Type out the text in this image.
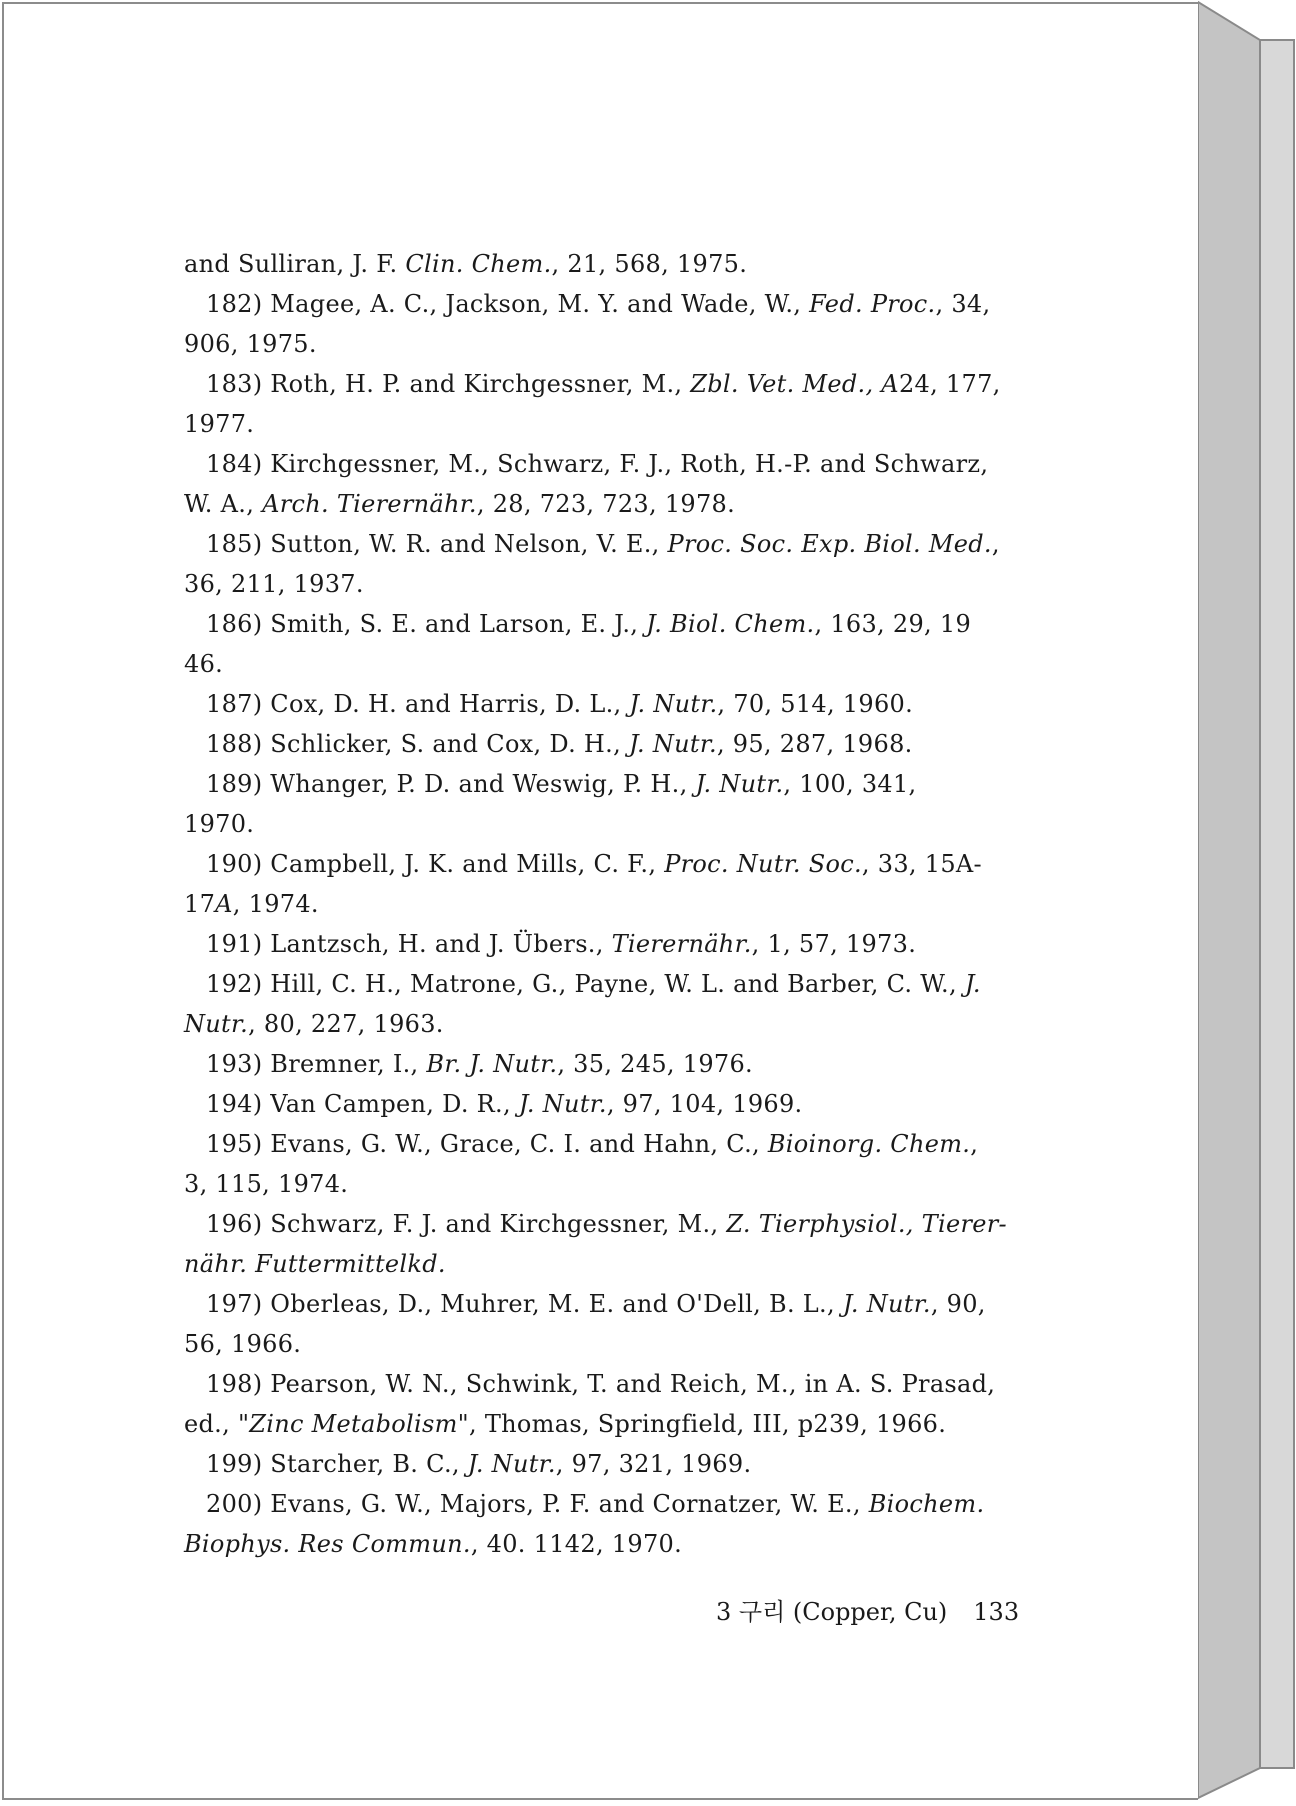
and Sulliran, J. F. Clin. Chem., 21, 568, 1975.
182) Magee, A. C., Jackson, M. Y. and Wade, W., Fed. Proc., 34,
906, 1975.
183) Roth, H. P. and Kirchgessner, M., Zbl. Vet. Med., A24, 177,
1977.
184) Kirchgessner, M., Schwarz, F. J., Roth, H.-P. and Schwarz,
W. A., Arch. Tierernähr., 28, 723, 723, 1978.
185) Sutton, W. R. and Nelson, V. E., Proc. Soc. Exp. Biol. Med.,
36, 211, 1937.
186) Smith, S. E. and Larson, E. J., J. Biol. Chem., 163, 29, 19
46.
187) Cox, D. H. and Harris, D. L., J. Nutr., 70, 514, 1960.
188) Schlicker, S. and Cox, D. H., J. Nutr., 95, 287, 1968.
189) Whanger, P. D. and Weswig, P. H., J. Nutr., 100, 341,
1970.
190) Campbell, J. K. and Mills, C. F., Proc. Nutr. Soc., 33, 15A-
17A, 1974.
191) Lantzsch, H. and J. Übers., Tierernähr., 1, 57, 1973.
192) Hill, C. H., Matrone, G., Payne, W. L. and Barber, C. W., J.
Nutr., 80, 227, 1963.
193) Bremner, I., Br. J. Nutr., 35, 245, 1976.
194) Van Campen, D. R., J. Nutr., 97, 104, 1969.
195) Evans, G. W., Grace, C. I. and Hahn, C., Bioinorg. Chem.,
3, 115, 1974.
196) Schwarz, F. J. and Kirchgessner, M., Z. Tierphysiol., Tierer-
nähr. Futtermittelkd.
197) Oberleas, D., Muhrer, M. E. and O'Dell, B. L., J. Nutr., 90,
56, 1966.
198) Pearson, W. N., Schwink, T. and Reich, M., in A. S. Prasad,
ed., "Zinc Metabolism", Thomas, Springfield, III, p239, 1966.
199) Starcher, B. C., J. Nutr., 97, 321, 1969.
200) Evans, G. W., Majors, P. F. and Cornatzer, W. E., Biochem.
Biophys. Res Commun., 40. 1142, 1970.
3 구리 (Copper, Cu) 133
